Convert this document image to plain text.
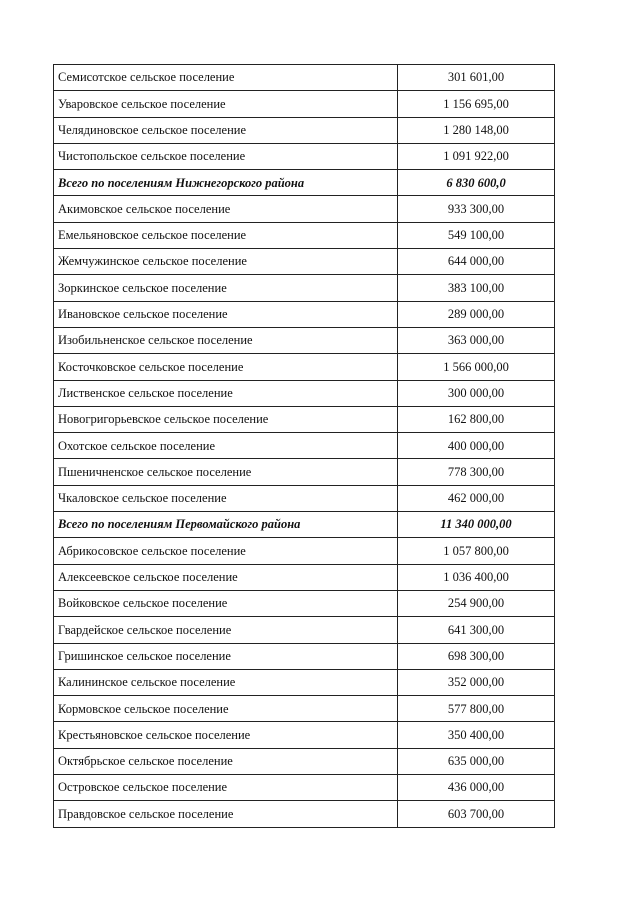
Семисотское сельское поселение	301 601,00
Уваровское сельское поселение	1 156 695,00
Челядиновское сельское поселение	1 280 148,00
Чистопольское сельское поселение	1 091 922,00
Всего по поселениям Нижнегорского района	6 830 600,0
Акимовское сельское поселение	933 300,00
Емельяновское сельское поселение	549 100,00
Жемчужинское сельское поселение	644 000,00
Зоркинское сельское поселение	383 100,00
Ивановское сельское поселение	289 000,00
Изобильненское сельское поселение	363 000,00
Косточковское сельское поселение	1 566 000,00
Лиственское сельское поселение	300 000,00
Новогригорьевское сельское поселение	162 800,00
Охотское сельское поселение	400 000,00
Пшеничненское сельское поселение	778 300,00
Чкаловское сельское поселение	462 000,00
Всего по поселениям Первомайского района	11 340 000,00
Абрикосовское сельское поселение	1 057 800,00
Алексеевское сельское поселение	1 036 400,00
Войковское сельское поселение	254 900,00
Гвардейское сельское поселение	641 300,00
Гришинское сельское поселение	698 300,00
Калининское сельское поселение	352 000,00
Кормовское сельское поселение	577 800,00
Крестьяновское сельское поселение	350 400,00
Октябрьское сельское поселение	635 000,00
Островское сельское поселение	436 000,00
Правдовское сельское поселение	603 700,00
